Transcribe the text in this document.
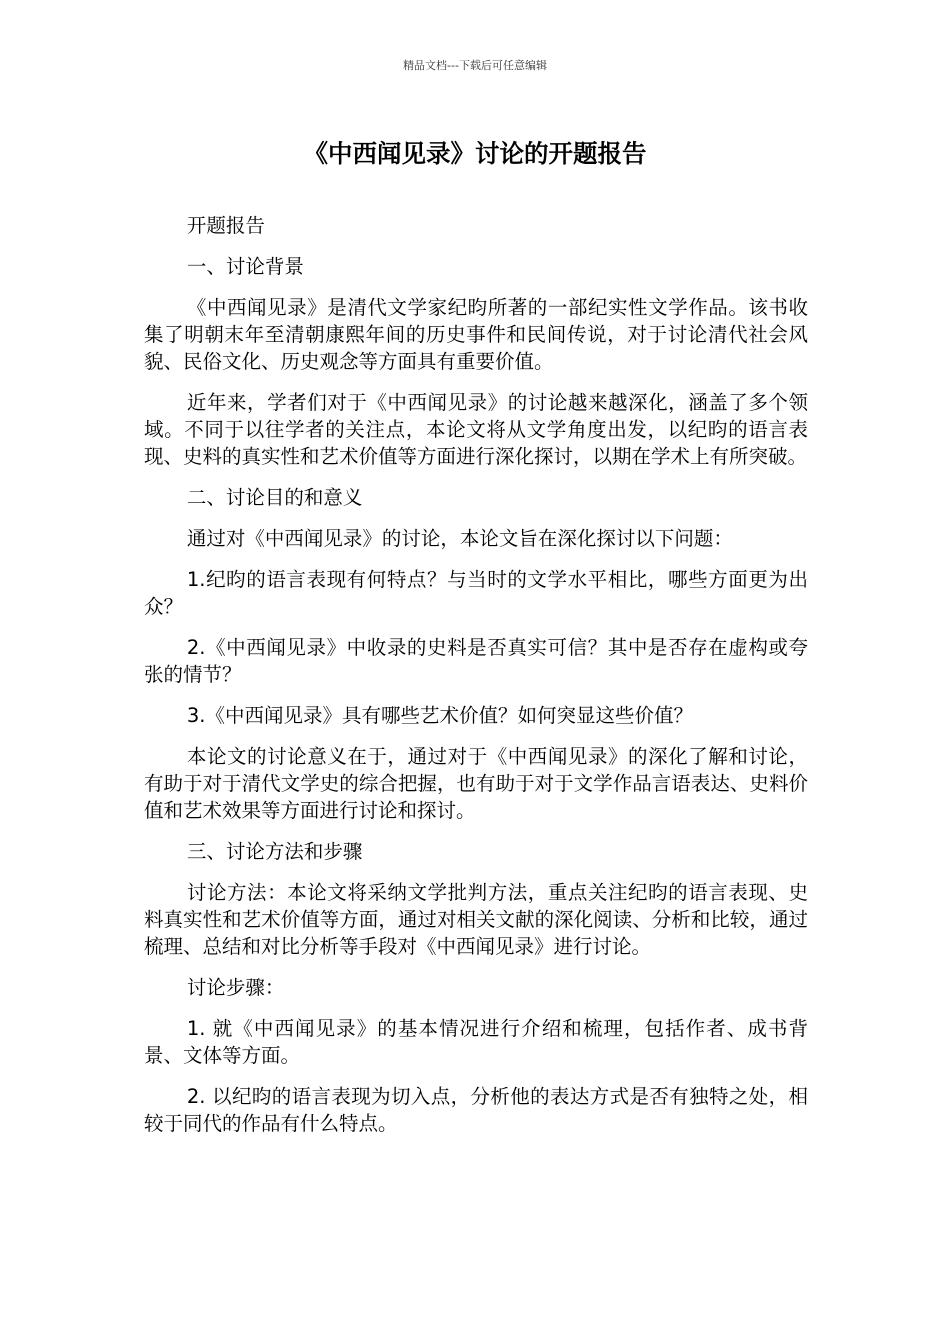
精品文档---下载后可任意编辑
《中西闻见录》讨论的开题报告

开题报告

一、讨论背景

《中西闻见录》是清代文学家纪昀所著的一部纪实性文学作品。该书收集了明朝末年至清朝康熙年间的历史事件和民间传说，对于讨论清代社会风貌、民俗文化、历史观念等方面具有重要价值。

近年来，学者们对于《中西闻见录》的讨论越来越深化，涵盖了多个领域。不同于以往学者的关注点，本论文将从文学角度出发，以纪昀的语言表现、史料的真实性和艺术价值等方面进行深化探讨，以期在学术上有所突破。

二、讨论目的和意义

通过对《中西闻见录》的讨论，本论文旨在深化探讨以下问题：

1.纪昀的语言表现有何特点？与当时的文学水平相比，哪些方面更为出众？

2.《中西闻见录》中收录的史料是否真实可信？其中是否存在虚构或夸张的情节？

3.《中西闻见录》具有哪些艺术价值？如何突显这些价值？

本论文的讨论意义在于，通过对于《中西闻见录》的深化了解和讨论，有助于对于清代文学史的综合把握，也有助于对于文学作品言语表达、史料价值和艺术效果等方面进行讨论和探讨。

三、讨论方法和步骤

讨论方法：本论文将采纳文学批判方法，重点关注纪昀的语言表现、史料真实性和艺术价值等方面，通过对相关文献的深化阅读、分析和比较，通过梳理、总结和对比分析等手段对《中西闻见录》进行讨论。

讨论步骤：

1. 就《中西闻见录》的基本情况进行介绍和梳理，包括作者、成书背景、文体等方面。

2. 以纪昀的语言表现为切入点，分析他的表达方式是否有独特之处，相较于同代的作品有什么特点。
